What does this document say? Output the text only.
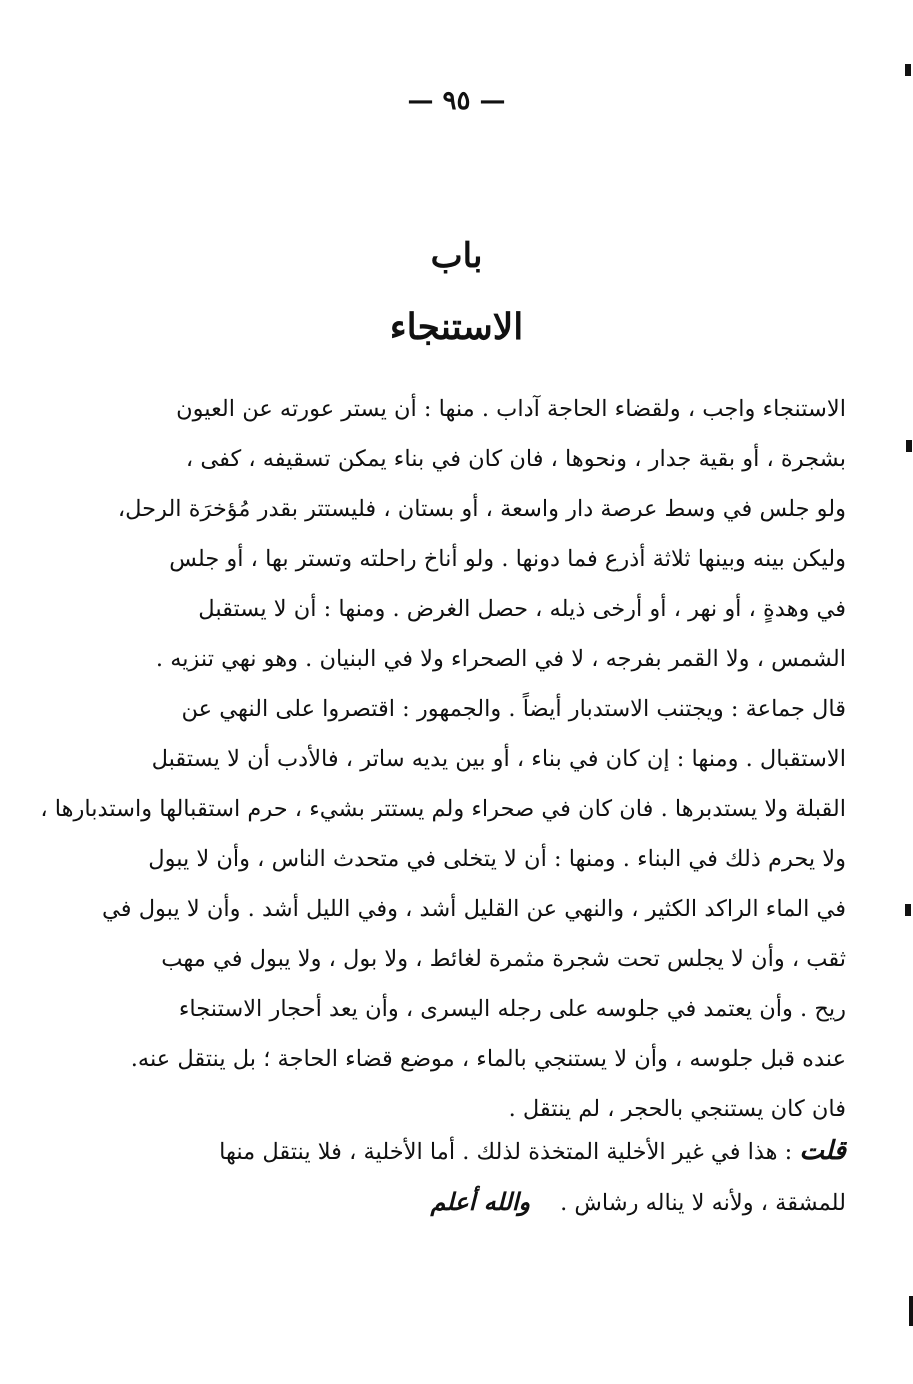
— ٩٥ —
باب
الاستنجاء

الاستنجاء واجب ، ولقضاء الحاجة آداب . منها : أن يستر عورته عن العيون
بشجرة ، أو بقية جدار ، ونحوها ، فان كان في بناء يمكن تسقيفه ، كفى ،
ولو جلس في وسط عرصة دار واسعة ، أو بستان ، فليستتر بقدر مُؤخرَة الرحل،
وليكن بينه وبينها ثلاثة أذرع فما دونها . ولو أناخ راحلته وتستر بها ، أو جلس
في وهدةٍ ، أو نهر ، أو أرخى ذيله ، حصل الغرض . ومنها : أن لا يستقبل
الشمس ، ولا القمر بفرجه ، لا في الصحراء ولا في البنيان . وهو نهي تنزيه .

قال جماعة : ويجتنب الاستدبار أيضاً . والجمهور : اقتصروا على النهي عن
الاستقبال . ومنها : إن كان في بناء ، أو بين يديه ساتر ، فالأدب أن لا يستقبل
القبلة ولا يستدبرها . فان كان في صحراء ولم يستتر بشيء ، حرم استقبالها واستدبارها ،
ولا يحرم ذلك في البناء . ومنها : أن لا يتخلى في متحدث الناس ، وأن لا يبول
في الماء الراكد الكثير ، والنهي عن القليل أشد ، وفي الليل أشد . وأن لا يبول في
ثقب ، وأن لا يجلس تحت شجرة مثمرة لغائط ، ولا بول ، ولا يبول في مهب
ريح . وأن يعتمد في جلوسه على رجله اليسرى ، وأن يعد أحجار الاستنجاء
عنده قبل جلوسه ، وأن لا يستنجي بالماء ، موضع قضاء الحاجة ؛ بل ينتقل عنه.
فان كان يستنجي بالحجر ، لم ينتقل .

قلت : هذا في غير الأخلية المتخذة لذلك . أما الأخلية ، فلا ينتقل منها
للمشقة ، ولأنه لا يناله رشاش .والله أعلم
